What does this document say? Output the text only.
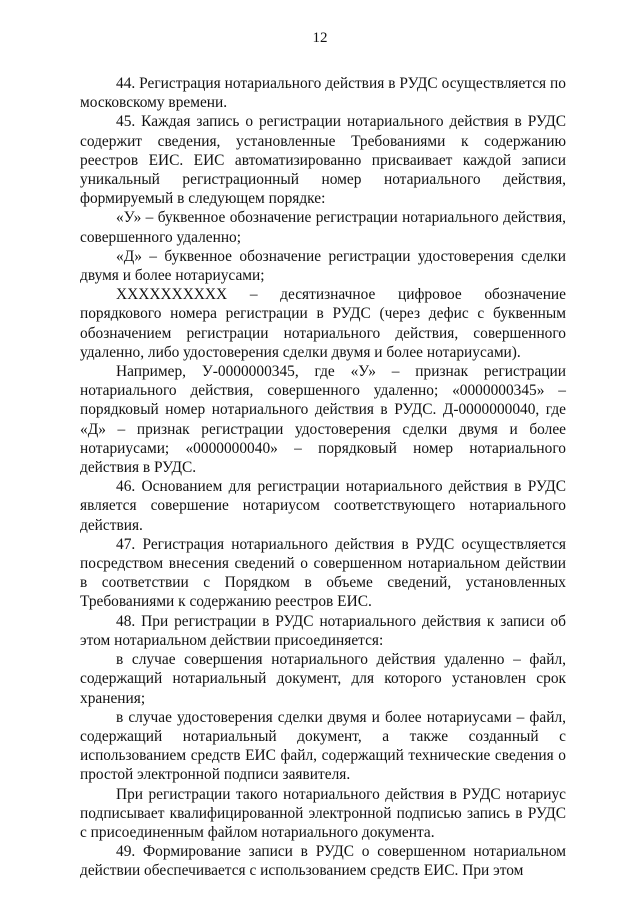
12

44. Регистрация нотариального действия в РУДС осуществляется по московскому времени.

45. Каждая запись о регистрации нотариального действия в РУДС содержит сведения, установленные Требованиями к содержанию реестров ЕИС. ЕИС автоматизированно присваивает каждой записи уникальный регистрационный номер нотариального действия, формируемый в следующем порядке:

«У» – буквенное обозначение регистрации нотариального действия, совершенного удаленно;

«Д» – буквенное обозначение регистрации удостоверения сделки двумя и более нотариусами;

ХХХХХХХХХХ – десятизначное цифровое обозначение порядкового номера регистрации в РУДС (через дефис с буквенным обозначением регистрации нотариального действия, совершенного удаленно, либо удостоверения сделки двумя и более нотариусами).

Например, У-0000000345, где «У» – признак регистрации нотариального действия, совершенного удаленно; «0000000345» – порядковый номер нотариального действия в РУДС. Д-0000000040, где «Д» – признак регистрации удостоверения сделки двумя и более нотариусами; «0000000040» – порядковый номер нотариального действия в РУДС.

46. Основанием для регистрации нотариального действия в РУДС является совершение нотариусом соответствующего нотариального действия.

47. Регистрация нотариального действия в РУДС осуществляется посредством внесения сведений о совершенном нотариальном действии в соответствии с Порядком в объеме сведений, установленных Требованиями к содержанию реестров ЕИС.

48. При регистрации в РУДС нотариального действия к записи об этом нотариальном действии присоединяется:

в случае совершения нотариального действия удаленно – файл, содержащий нотариальный документ, для которого установлен срок хранения;

в случае удостоверения сделки двумя и более нотариусами – файл, содержащий нотариальный документ, а также созданный с использованием средств ЕИС файл, содержащий технические сведения о простой электронной подписи заявителя.

При регистрации такого нотариального действия в РУДС нотариус подписывает квалифицированной электронной подписью запись в РУДС с присоединенным файлом нотариального документа.

49. Формирование записи в РУДС о совершенном нотариальном действии обеспечивается с использованием средств ЕИС. При этом
